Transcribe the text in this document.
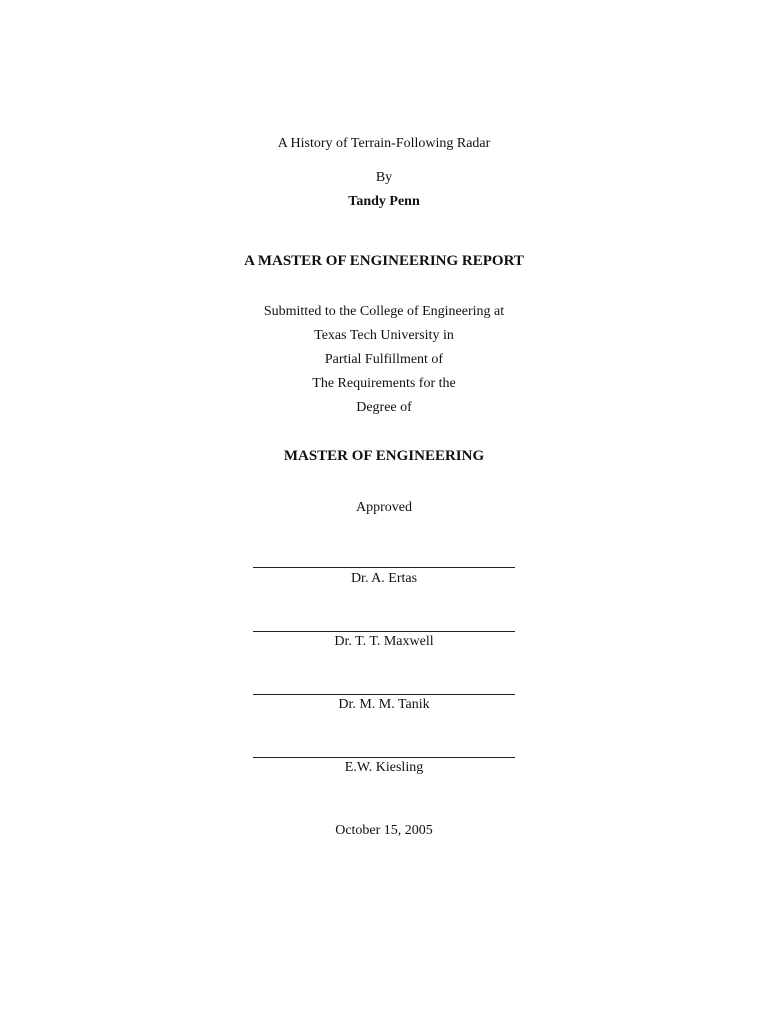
A History of Terrain-Following Radar
By
Tandy Penn
A MASTER OF ENGINEERING REPORT
Submitted to the College of Engineering at
Texas Tech University in
Partial Fulfillment of
The Requirements for the
Degree of
MASTER OF ENGINEERING
Approved
Dr. A. Ertas
Dr. T. T. Maxwell
Dr. M. M. Tanik
E.W. Kiesling
October 15, 2005
